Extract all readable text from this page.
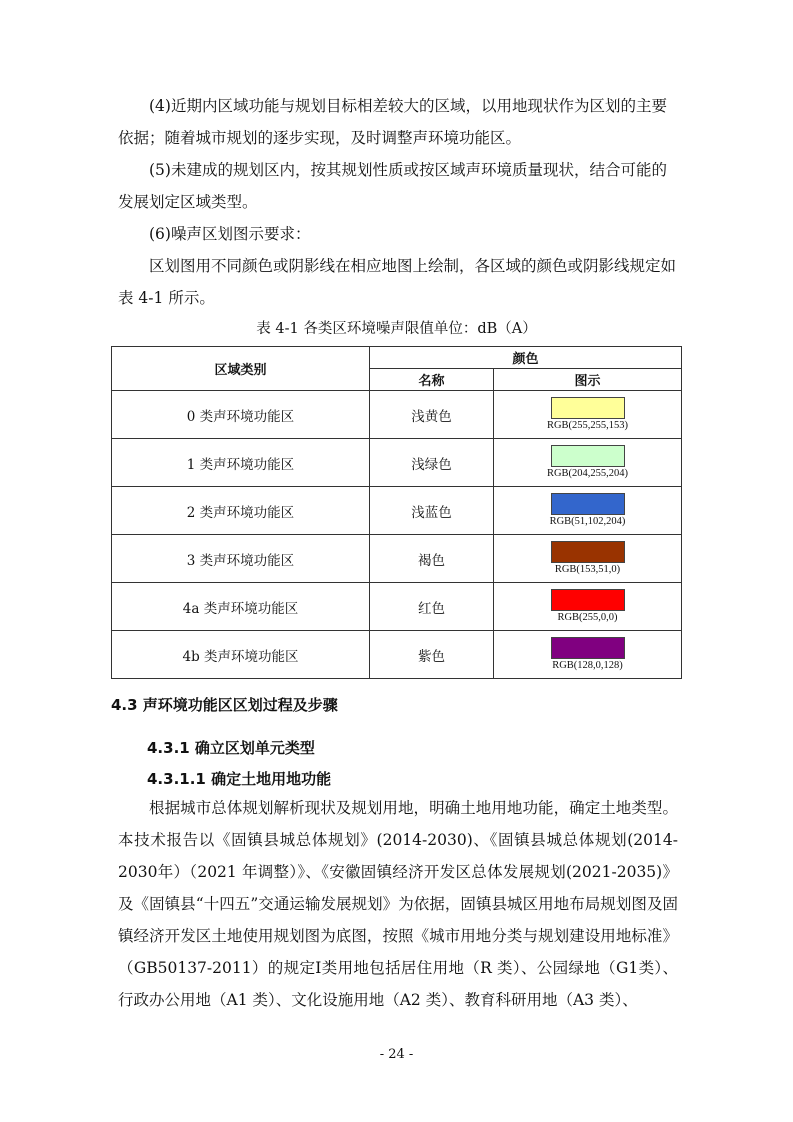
(4)近期内区域功能与规划目标相差较大的区域，以用地现状作为区划的主要依据；随着城市规划的逐步实现，及时调整声环境功能区。

(5)未建成的规划区内，按其规划性质或按区域声环境质量现状，结合可能的发展划定区域类型。

(6)噪声区划图示要求：

区划图用不同颜色或阴影线在相应地图上绘制，各区域的颜色或阴影线规定如表 4-1 所示。

表 4-1 各类区环境噪声限值单位：dB（A）
区域类别	颜色	
	名称	图示
0 类声环境功能区	浅黄色	RGB(255,255,153)

1 类声环境功能区	浅绿色	RGB(204,255,204)

2 类声环境功能区	浅蓝色	RGB(51,102,204)

3 类声环境功能区	褐色	RGB(153,51,0)

4a 类声环境功能区	红色	RGB(255,0,0)

4b 类声环境功能区	紫色	RGB(128,0,128)
4.3 声环境功能区区划过程及步骤
4.3.1 确立区划单元类型
4.3.1.1 确定土地用地功能

根据城市总体规划解析现状及规划用地，明确土地用地功能，确定土地类型。本技术报告以《固镇县城总体规划》(2014-2030)、《固镇县城总体规划(2014-2030年）（2021 年调整）》、《安徽固镇经济开发区总体发展规划(2021-2035)》及《固镇县“十四五”交通运输发展规划》为依据，固镇县城区用地布局规划图及固镇经济开发区土地使用规划图为底图，按照《城市用地分类与规划建设用地标准》（GB50137-2011）的规定Ⅰ类用地包括居住用地（R 类）、公园绿地（G1类）、行政办公用地（A1 类）、文化设施用地（A2 类）、教育科研用地（A3 类）、

- 24 -
